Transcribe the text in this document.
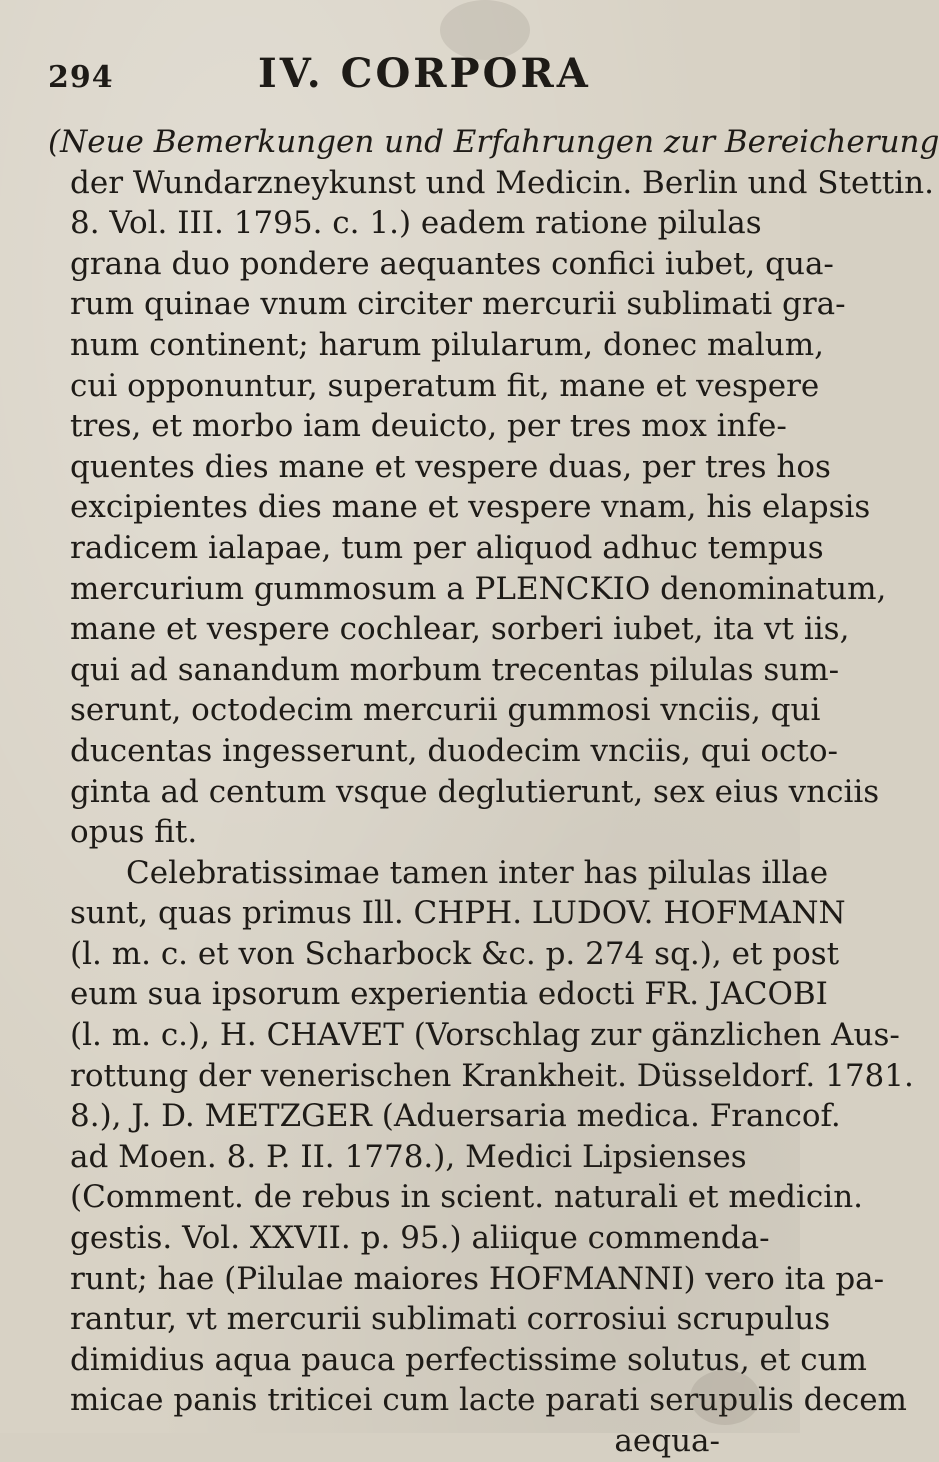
294	IV. CORPORA
(Neue Bemerkungen und Erfahrungen zur Bereicherung
der Wundarzneykunst und Medicin. Berlin und Stettin.
8. Vol. III. 1795. c. 1.) eadem ratione pilulas
grana duo pondere aequantes confici iubet, qua-
rum quinae vnum circiter mercurii sublimati gra-
num continent; harum pilularum, donec malum,
cui opponuntur, superatum fit, mane et vespere
tres, et morbo iam deuicto, per tres mox infe-
quentes dies mane et vespere duas, per tres hos
excipientes dies mane et vespere vnam, his elapsis
radicem ialapae, tum per aliquod adhuc tempus
mercurium gummosum a PLENCKIO denominatum,
mane et vespere cochlear, sorberi iubet, ita vt iis,
qui ad sanandum morbum trecentas pilulas sum-
serunt, octodecim mercurii gummosi vnciis, qui
ducentas ingesserunt, duodecim vnciis, qui octo-
ginta ad centum vsque deglutierunt, sex eius vnciis
opus fit.
Celebratissimae tamen inter has pilulas illae
sunt, quas primus Ill. CHPH. LUDOV. HOFMANN
(l. m. c. et von Scharbock &c. p. 274 sq.), et post
eum sua ipsorum experientia edocti FR. JACOBI
(l. m. c.), H. CHAVET (Vorschlag zur gänzlichen Aus-
rottung der venerischen Krankheit. Düsseldorf. 1781.
8.), J. D. METZGER (Aduersaria medica. Francof.
ad Moen. 8. P. II. 1778.), Medici Lipsienses
(Comment. de rebus in scient. naturali et medicin.
gestis. Vol. XXVII. p. 95.) aliique commenda-
runt; hae (Pilulae maiores HOFMANNI) vero ita pa-
rantur, vt mercurii sublimati corrosiui scrupulus
dimidius aqua pauca perfectissime solutus, et cum
micae panis triticei cum lacte parati serupulis decem
aequa-
